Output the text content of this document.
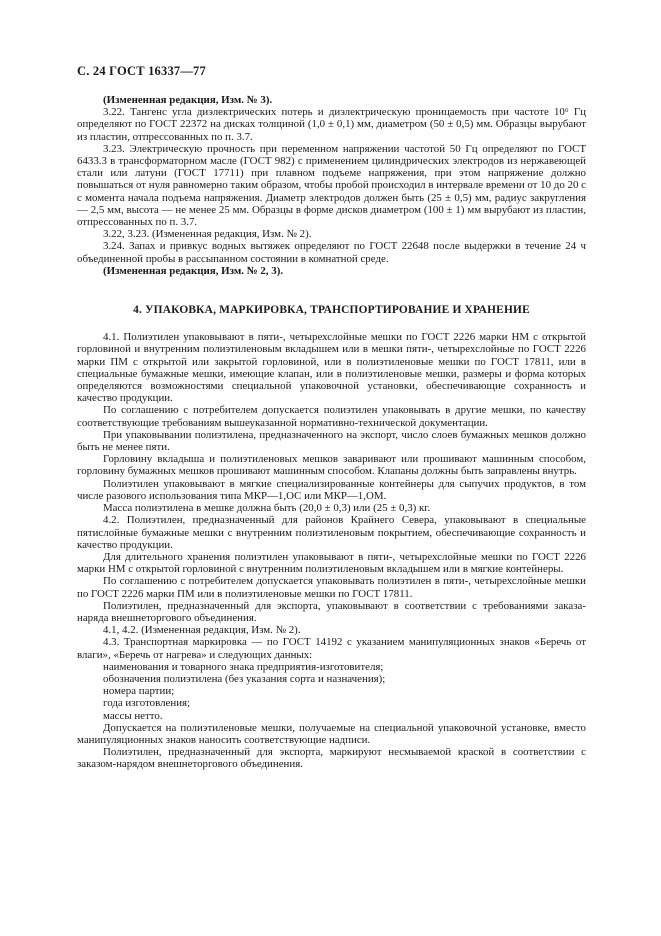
С. 24 ГОСТ 16337—77

(Измененная редакция, Изм. № 3).

3.22. Тангенс угла диэлектрических потерь и диэлектрическую проницаемость при частоте 10⁶ Гц определяют по ГОСТ 22372 на дисках толщиной (1,0 ± 0,1) мм, диаметром (50 ± 0,5) мм. Образцы вырубают из пластин, отпрессованных по п. 3.7.

3.23. Электрическую прочность при переменном напряжении частотой 50 Гц определяют по ГОСТ 6433.3 в трансформаторном масле (ГОСТ 982) с применением цилиндрических электродов из нержавеющей стали или латуни (ГОСТ 17711) при плавном подъеме напряжения, при этом напряжение должно повышаться от нуля равномерно таким образом, чтобы пробой происходил в интервале времени от 10 до 20 с с момента начала подъема напряжения. Диаметр электродов должен быть (25 ± 0,5) мм, радиус закругления — 2,5 мм, высота — не менее 25 мм. Образцы в форме дисков диаметром (100 ± 1) мм вырубают из пластин, отпрессованных по п. 3.7.

3.22, 3.23. (Измененная редакция, Изм. № 2).

3.24. Запах и привкус водных вытяжек определяют по ГОСТ 22648 после выдержки в течение 24 ч объединенной пробы в рассыпанном состоянии в комнатной среде.

(Измененная редакция, Изм. № 2, 3).

4. УПАКОВКА, МАРКИРОВКА, ТРАНСПОРТИРОВАНИЕ И ХРАНЕНИЕ

4.1. Полиэтилен упаковывают в пяти-, четырехслойные мешки по ГОСТ 2226 марки НМ с открытой горловиной и внутренним полиэтиленовым вкладышем или в мешки пяти-, четырехслойные по ГОСТ 2226 марки ПМ с открытой или закрытой горловиной, или в полиэтиленовые мешки по ГОСТ 17811, или в специальные бумажные мешки, имеющие клапан, или в полиэтиленовые мешки, размеры и форма которых определяются возможностями специальной упаковочной установки, обеспечивающие сохранность и качество продукции.

По соглашению с потребителем допускается полиэтилен упаковывать в другие мешки, по качеству соответствующие требованиям вышеуказанной нормативно-технической документации.

При упаковывании полиэтилена, предназначенного на экспорт, число слоев бумажных мешков должно быть не менее пяти.

Горловину вкладыша и полиэтиленовых мешков заваривают или прошивают машинным способом, горловину бумажных мешков прошивают машинным способом. Клапаны должны быть заправлены внутрь.

Полиэтилен упаковывают в мягкие специализированные контейнеры для сыпучих продуктов, в том числе разового использования типа МКР—1,ОС или МКР—1,ОМ.

Масса полиэтилена в мешке должна быть (20,0 ± 0,3) или (25 ± 0,3) кг.

4.2. Полиэтилен, предназначенный для районов Крайнего Севера, упаковывают в специальные пятислойные бумажные мешки с внутренним полиэтиленовым покрытием, обеспечивающие сохранность и качество продукции.

Для длительного хранения полиэтилен упаковывают в пяти-, четырехслойные мешки по ГОСТ 2226 марки НМ с открытой горловиной с внутренним полиэтиленовым вкладышем или в мягкие контейнеры.

По соглашению с потребителем допускается упаковывать полиэтилен в пяти-, четырехслойные мешки по ГОСТ 2226 марки ПМ или в полиэтиленовые мешки по ГОСТ 17811.

Полиэтилен, предназначенный для экспорта, упаковывают в соответствии с требованиями заказа-наряда внешнеторгового объединения.

4.1, 4.2. (Измененная редакция, Изм. № 2).

4.3. Транспортная маркировка — по ГОСТ 14192 с указанием манипуляционных знаков «Беречь от влаги», «Беречь от нагрева» и следующих данных:

наименования и товарного знака предприятия-изготовителя;

обозначения полиэтилена (без указания сорта и назначения);

номера партии;

года изготовления;

массы нетто.

Допускается на полиэтиленовые мешки, получаемые на специальной упаковочной установке, вместо манипуляционных знаков наносить соответствующие надписи.

Полиэтилен, предназначенный для экспорта, маркируют несмываемой краской в соответствии с заказом-нарядом внешнеторгового объединения.
